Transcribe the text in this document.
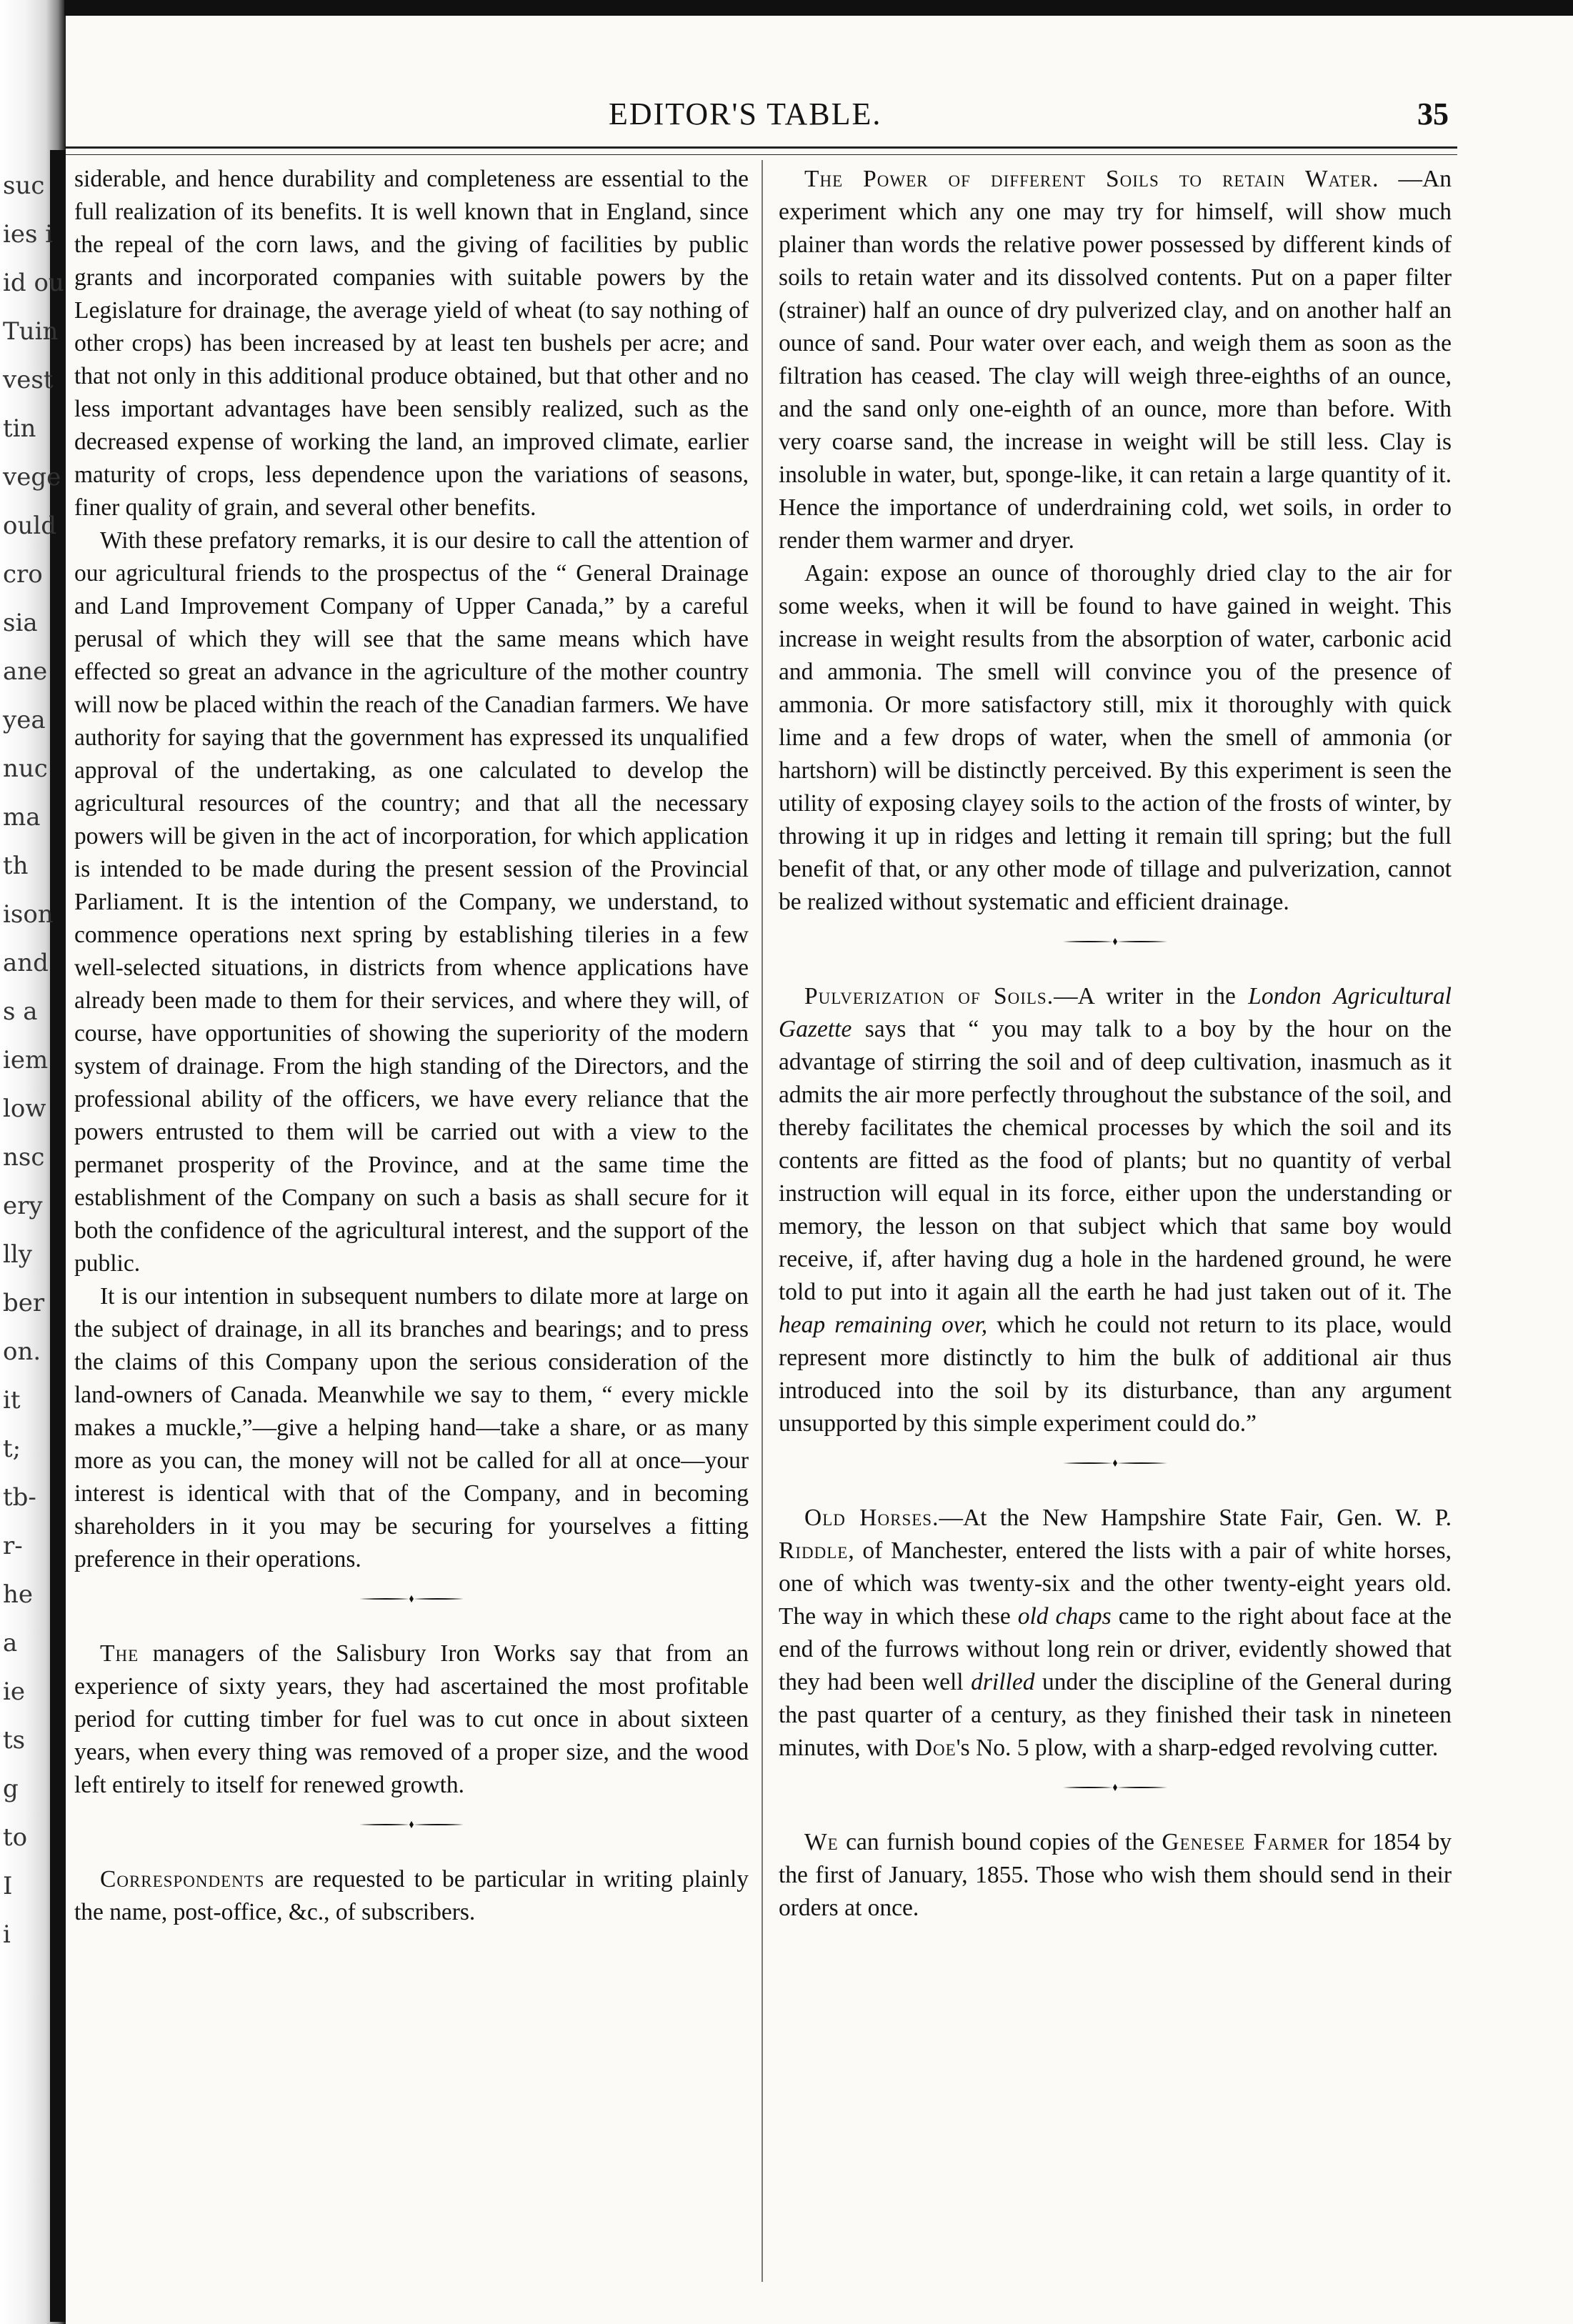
suc
ies i
id ou
Tuin
vest
tin
vege
ould
cro
sia
ane
yea
nuc
ma
th
ison
and
s a
iem
low
nsc
ery
lly
ber
on.
it
t;
tb-
r-
he
a
ie
ts
g
to
I
i
EDITOR'S TABLE.	35

siderable, and hence durability and completeness are essential to the full realization of its benefits. It is well known that in England, since the repeal of the corn laws, and the giving of facilities by public grants and incorporated companies with suitable powers by the Legislature for drainage, the average yield of wheat (to say nothing of other crops) has been increased by at least ten bushels per acre; and that not only in this additional produce obtained, but that other and no less important advantages have been sensibly realized, such as the decreased expense of working the land, an improved climate, earlier maturity of crops, less dependence upon the variations of seasons, finer quality of grain, and several other benefits.

With these prefatory remarks, it is our desire to call the attention of our agricultural friends to the prospectus of the “ General Drainage and Land Improvement Company of Upper Canada,” by a careful perusal of which they will see that the same means which have effected so great an advance in the agriculture of the mother country will now be placed within the reach of the Canadian farmers. We have authority for saying that the government has expressed its unqualified approval of the undertaking, as one calculated to develop the agricultural resources of the country; and that all the necessary powers will be given in the act of incorporation, for which application is intended to be made during the present session of the Provincial Parliament. It is the intention of the Company, we understand, to commence operations next spring by establishing tileries in a few well-selected situations, in districts from whence applications have already been made to them for their services, and where they will, of course, have opportunities of showing the superiority of the modern system of drainage. From the high standing of the Directors, and the professional ability of the officers, we have every reliance that the powers entrusted to them will be carried out with a view to the permanet prosperity of the Province, and at the same time the establishment of the Company on such a basis as shall secure for it both the confidence of the agricultural interest, and the support of the public.

It is our intention in subsequent numbers to dilate more at large on the subject of drainage, in all its branches and bearings; and to press the claims of this Company upon the serious consideration of the land-owners of Canada. Meanwhile we say to them, “ every mickle makes a muckle,”—give a helping hand—take a share, or as many more as you can, the money will not be called for all at once—your interest is identical with that of the Company, and in becoming shareholders in it you may be securing for yourselves a fitting preference in their operations.

The managers of the Salisbury Iron Works say that from an experience of sixty years, they had ascertained the most profitable period for cutting timber for fuel was to cut once in about sixteen years, when every thing was removed of a proper size, and the wood left entirely to itself for renewed growth.

Correspondents are requested to be particular in writing plainly the name, post-office, &c., of subscribers.

The Power of different Soils to retain Water. —An experiment which any one may try for himself, will show much plainer than words the relative power possessed by different kinds of soils to retain water and its dissolved contents. Put on a paper filter (strainer) half an ounce of dry pulverized clay, and on another half an ounce of sand. Pour water over each, and weigh them as soon as the filtration has ceased. The clay will weigh three-eighths of an ounce, and the sand only one-eighth of an ounce, more than before. With very coarse sand, the increase in weight will be still less. Clay is insoluble in water, but, sponge-like, it can retain a large quantity of it. Hence the importance of underdraining cold, wet soils, in order to render them warmer and dryer.

Again: expose an ounce of thoroughly dried clay to the air for some weeks, when it will be found to have gained in weight. This increase in weight results from the absorption of water, carbonic acid and ammonia. The smell will convince you of the presence of ammonia. Or more satisfactory still, mix it thoroughly with quick lime and a few drops of water, when the smell of ammonia (or hartshorn) will be distinctly perceived. By this experiment is seen the utility of exposing clayey soils to the action of the frosts of winter, by throwing it up in ridges and letting it remain till spring; but the full benefit of that, or any other mode of tillage and pulverization, cannot be realized without systematic and efficient drainage.

Pulverization of Soils.—A writer in the London Agricultural Gazette says that “ you may talk to a boy by the hour on the advantage of stirring the soil and of deep cultivation, inasmuch as it admits the air more perfectly throughout the substance of the soil, and thereby facilitates the chemical processes by which the soil and its contents are fitted as the food of plants; but no quantity of verbal instruction will equal in its force, either upon the understanding or memory, the lesson on that subject which that same boy would receive, if, after having dug a hole in the hardened ground, he were told to put into it again all the earth he had just taken out of it. The heap remaining over, which he could not return to its place, would represent more distinctly to him the bulk of additional air thus introduced into the soil by its disturbance, than any argument unsupported by this simple experiment could do.”

Old Horses.—At the New Hampshire State Fair, Gen. W. P. Riddle, of Manchester, entered the lists with a pair of white horses, one of which was twenty-six and the other twenty-eight years old. The way in which these old chaps came to the right about face at the end of the furrows without long rein or driver, evidently showed that they had been well drilled under the discipline of the General during the past quarter of a century, as they finished their task in nineteen minutes, with Doe's No. 5 plow, with a sharp-edged revolving cutter.

We can furnish bound copies of the Genesee Farmer for 1854 by the first of January, 1855. Those who wish them should send in their orders at once.
